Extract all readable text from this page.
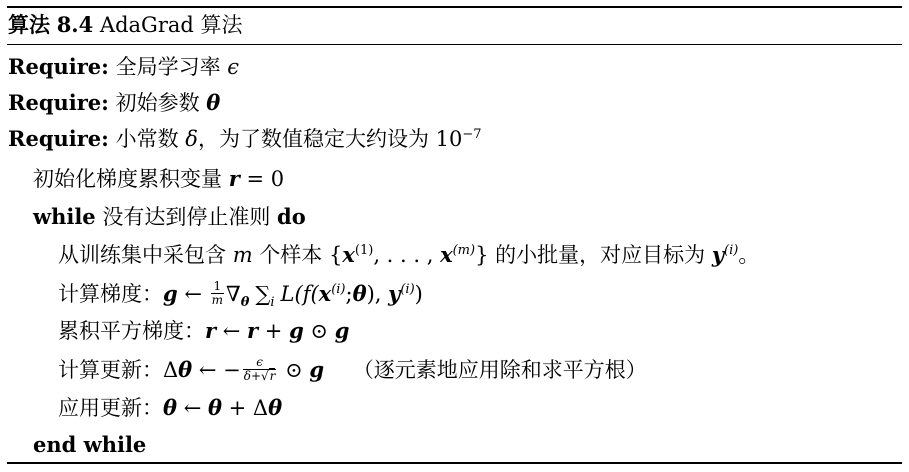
算法 8.4 AdaGrad 算法
Require: 全局学习率 ϵ
Require: 初始参数 θ
Require: 小常数 δ，为了数值稳定大约设为 $10^{-7}$
初始化梯度累积变量 r = 0
while 没有达到停止准则 do
从训练集中采包含 m 个样本 {$x^{(1)}$, . . . , $x^{(m)}$} 的小批量，对应目标为 $y^{(i)}$。
计算梯度：g ← $\frac{1}{m} \nabla_\theta$ $\sum_i$ $L(f(x^{(i)};\theta)$, $y^{(i)}$)
累积平方梯度：r ← r + g ⊙ g
计算更新：Δθ ← − $\frac{\epsilon}{\delta+√r}$ ⊙ g （逐元素地应用除和求平方根）
应用更新：θ ← θ + Δθ
end while
